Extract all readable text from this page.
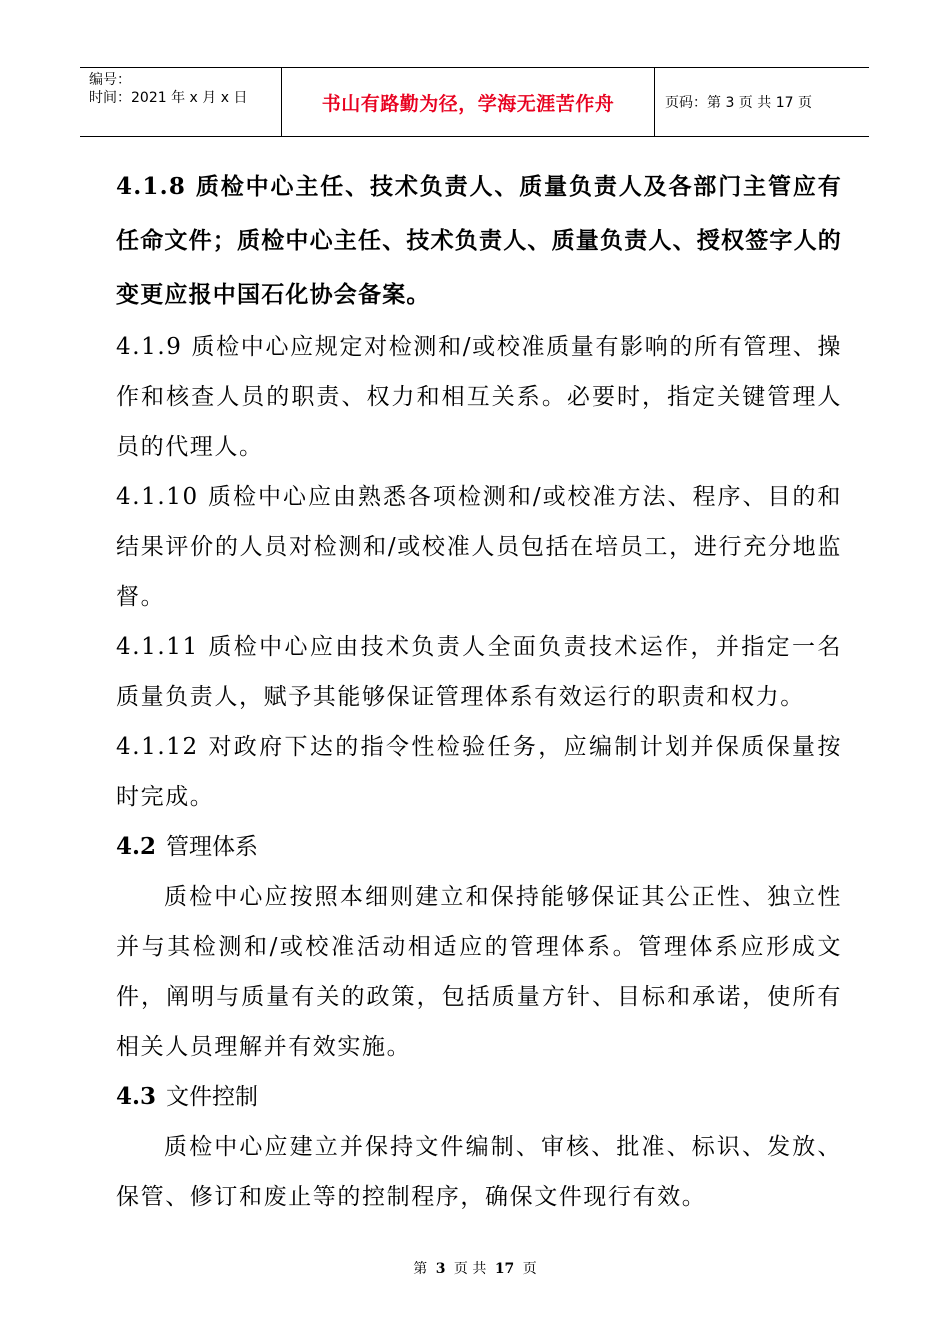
编号：
时间：2021 年 x 月 x 日	书山有路勤为径，学海无涯苦作舟	页码：第 3 页 共 17 页

4.1.8 质检中心主任、技术负责人、质量负责人及各部门主管应有任命文件；质检中心主任、技术负责人、质量负责人、授权签字人的变更应报中国石化协会备案。

4.1.9 质检中心应规定对检测和/或校准质量有影响的所有管理、操作和核查人员的职责、权力和相互关系。必要时，指定关键管理人员的代理人。

4.1.10 质检中心应由熟悉各项检测和/或校准方法、程序、目的和结果评价的人员对检测和/或校准人员包括在培员工，进行充分地监督。

4.1.11 质检中心应由技术负责人全面负责技术运作，并指定一名质量负责人，赋予其能够保证管理体系有效运行的职责和权力。

4.1.12 对政府下达的指令性检验任务，应编制计划并保质保量按时完成。

4.2 管理体系

质检中心应按照本细则建立和保持能够保证其公正性、独立性并与其检测和/或校准活动相适应的管理体系。管理体系应形成文件，阐明与质量有关的政策，包括质量方针、目标和承诺，使所有相关人员理解并有效实施。

4.3 文件控制

质检中心应建立并保持文件编制、审核、批准、标识、发放、保管、修订和废止等的控制程序，确保文件现行有效。

第 3 页 共 17 页
